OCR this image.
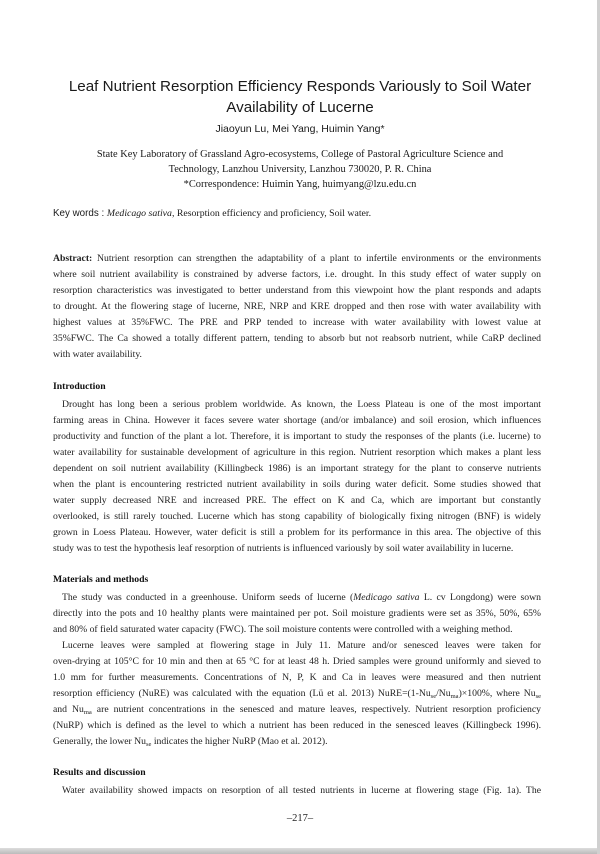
Leaf Nutrient Resorption Efficiency Responds Variously to Soil Water
Availability of Lucerne
Jiaoyun Lu, Mei Yang, Huimin Yang*
State Key Laboratory of Grassland Agro-ecosystems, College of Pastoral Agriculture Science and
Technology, Lanzhou University, Lanzhou 730020, P. R. China
*Correspondence: Huimin Yang, huimyang@lzu.edu.cn
Key words : Medicago sativa, Resorption efficiency and proficiency, Soil water.
Abstract: Nutrient resorption can strengthen the adaptability of a plant to infertile environments or the environments
where soil nutrient availability is constrained by adverse factors, i.e. drought. In this study effect of water supply on
resorption characteristics was investigated to better understand from this viewpoint how the plant responds and adapts
to drought. At the flowering stage of lucerne, NRE, NRP and KRE dropped and then rose with water availability with
highest values at 35%FWC. The PRE and PRP tended to increase with water availability with lowest value at
35%FWC. The Ca showed a totally different pattern, tending to absorb but not reabsorb nutrient, while CaRP declined
with water availability.
Introduction
Drought has long been a serious problem worldwide. As known, the Loess Plateau is one of the most important
farming areas in China. However it faces severe water shortage (and/or imbalance) and soil erosion, which influences
productivity and function of the plant a lot. Therefore, it is important to study the responses of the plants (i.e. lucerne) to
water availability for sustainable development of agriculture in this region. Nutrient resorption which makes a plant less
dependent on soil nutrient availability (Killingbeck 1986) is an important strategy for the plant to conserve nutrients
when the plant is encountering restricted nutrient availability in soils during water deficit. Some studies showed that
water supply decreased NRE and increased PRE. The effect on K and Ca, which are important but constantly
overlooked, is still rarely touched. Lucerne which has stong capability of biologically fixing nitrogen (BNF) is widely
grown in Loess Plateau. However, water deficit is still a problem for its performance in this area. The objective of this
study was to test the hypothesis leaf resorption of nutrients is influenced variously by soil water availability in lucerne.
Materials and methods
The study was conducted in a greenhouse. Uniform seeds of lucerne (Medicago sativa L. cv Longdong) were sown
directly into the pots and 10 healthy plants were maintained per pot. Soil moisture gradients were set as 35%, 50%, 65%
and 80% of field saturated water capacity (FWC). The soil moisture contents were controlled with a weighing method.
Lucerne leaves were sampled at flowering stage in July 11. Mature and/or senesced leaves were taken for
oven-drying at 105°C for 10 min and then at 65 °C for at least 48 h. Dried samples were ground uniformly and sieved to
1.0 mm for further measurements. Concentrations of N, P, K and Ca in leaves were measured and then nutrient
resorption efficiency (NuRE) was calculated with the equation (Lü et al. 2013) $NuRE=(1-Nu_{se}/Nu_{ma})\times 100\%$, where $Nu_{se}$
and $Nu_{ma}$ are nutrient concentrations in the senesced and mature leaves, respectively. Nutrient resorption proficiency
(NuRP) which is defined as the level to which a nutrient has been reduced in the senesced leaves (Killingbeck 1996).
Generally, the lower $Nu_{se}$ indicates the higher NuRP (Mao et al. 2012).
Results and discussion
Water availability showed impacts on resorption of all tested nutrients in lucerne at flowering stage (Fig. 1a). The
–217–
